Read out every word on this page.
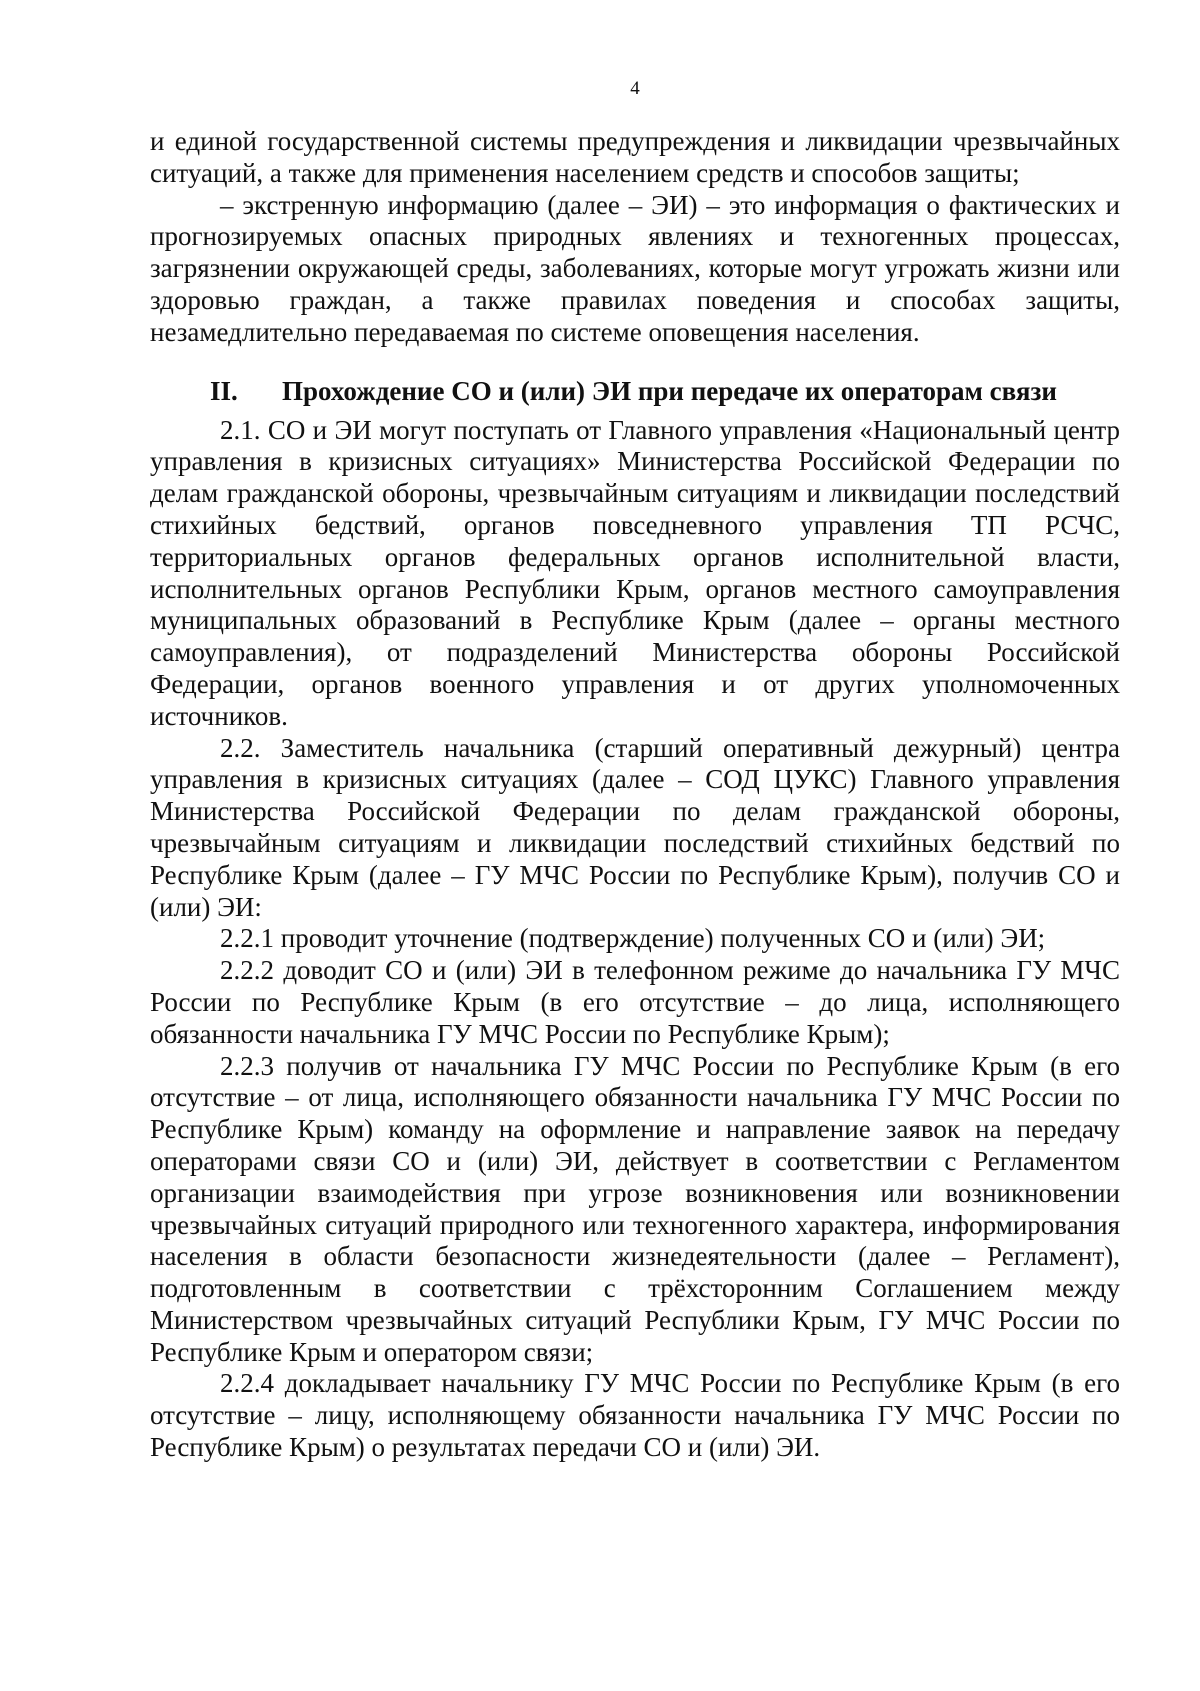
4

и единой государственной системы предупреждения и ликвидации чрезвычайных ситуаций, а также для применения населением средств и способов защиты;

– экстренную информацию (далее – ЭИ) – это информация о фактических и прогнозируемых опасных природных явлениях и техногенных процессах, загрязнении окружающей среды, заболеваниях, которые могут угрожать жизни или здоровью граждан, а также правилах поведения и способах защиты, незамедлительно передаваемая по системе оповещения населения.

II.	Прохождение СО и (или) ЭИ при передаче их операторам связи

2.1. СО и ЭИ могут поступать от Главного управления «Национальный центр управления в кризисных ситуациях» Министерства Российской Федерации по делам гражданской обороны, чрезвычайным ситуациям и ликвидации последствий стихийных бедствий, органов повседневного управления ТП РСЧС, территориальных органов федеральных органов исполнительной власти, исполнительных органов Республики Крым, органов местного самоуправления муниципальных образований в Республике Крым (далее – органы местного самоуправления), от подразделений Министерства обороны Российской Федерации, органов военного управления и от других уполномоченных источников.

2.2. Заместитель начальника (старший оперативный дежурный) центра управления в кризисных ситуациях (далее – СОД ЦУКС) Главного управления Министерства Российской Федерации по делам гражданской обороны, чрезвычайным ситуациям и ликвидации последствий стихийных бедствий по Республике Крым (далее – ГУ МЧС России по Республике Крым), получив СО и (или) ЭИ:

2.2.1 проводит уточнение (подтверждение) полученных СО и (или) ЭИ;

2.2.2 доводит СО и (или) ЭИ в телефонном режиме до начальника ГУ МЧС России по Республике Крым (в его отсутствие – до лица, исполняющего обязанности начальника ГУ МЧС России по Республике Крым);

2.2.3 получив от начальника ГУ МЧС России по Республике Крым (в его отсутствие – от лица, исполняющего обязанности начальника ГУ МЧС России по Республике Крым) команду на оформление и направление заявок на передачу операторами связи СО и (или) ЭИ, действует в соответствии с Регламентом организации взаимодействия при угрозе возникновения или возникновении чрезвычайных ситуаций природного или техногенного характера, информирования населения в области безопасности жизнедеятельности (далее – Регламент), подготовленным в соответствии с трёхсторонним Соглашением между Министерством чрезвычайных ситуаций Республики Крым, ГУ МЧС России по Республике Крым и оператором связи;

2.2.4 докладывает начальнику ГУ МЧС России по Республике Крым (в его отсутствие – лицу, исполняющему обязанности начальника ГУ МЧС России по Республике Крым) о результатах передачи СО и (или) ЭИ.
